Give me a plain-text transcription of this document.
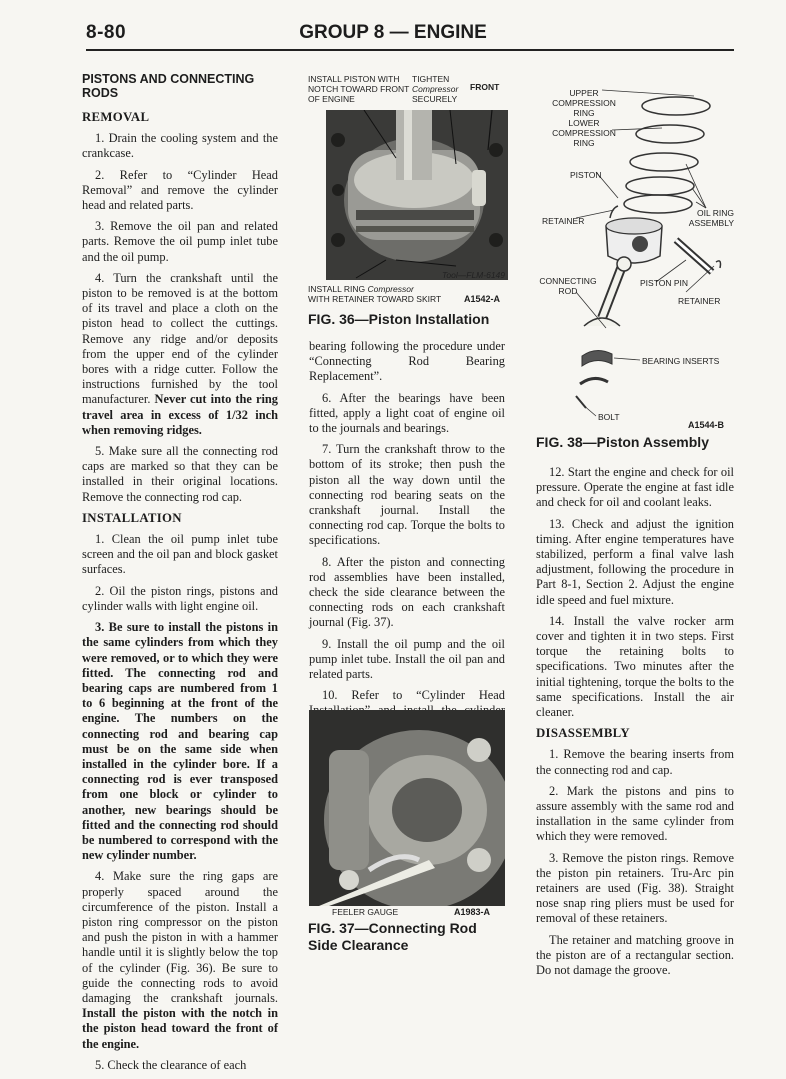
8-80	GROUP 8 — ENGINE
PISTONS AND CONNECTING RODS
REMOVAL

1. Drain the cooling system and the crankcase.

2. Refer to “Cylinder Head Removal” and remove the cylinder head and related parts.

3. Remove the oil pan and related parts. Remove the oil pump inlet tube and the oil pump.

4. Turn the crankshaft until the piston to be removed is at the bottom of its travel and place a cloth on the piston head to collect the cuttings. Remove any ridge and/or deposits from the upper end of the cylinder bores with a ridge cutter. Follow the instructions furnished by the tool manufacturer. Never cut into the ring travel area in excess of 1/32 inch when removing ridges.

5. Make sure all the connecting rod caps are marked so that they can be installed in their original locations. Remove the connecting rod cap.

INSTALLATION

1. Clean the oil pump inlet tube screen and the oil pan and block gasket surfaces.

2. Oil the piston rings, pistons and cylinder walls with light engine oil.

3. Be sure to install the pistons in the same cylinders from which they were removed, or to which they were fitted. The connecting rod and bearing caps are numbered from 1 to 6 beginning at the front of the engine. The numbers on the connecting rod and bearing cap must be on the same side when installed in the cylinder bore. If a connecting rod is ever transposed from one block or cylinder to another, new bearings should be fitted and the connecting rod should be numbered to correspond with the new cylinder number.

4. Make sure the ring gaps are properly spaced around the circumference of the piston. Install a piston ring compressor on the piston and push the piston in with a hammer handle until it is slightly below the top of the cylinder (Fig. 36). Be sure to guide the connecting rods to avoid damaging the crankshaft journals. Install the piston with the notch in the piston head toward the front of the engine.

5. Check the clearance of each

INSTALL PISTON WITH NOTCH TOWARD FRONT OF ENGINE
TIGHTEN
Compressor
SECURELY
FRONT
Tool—FLM-6149
INSTALL RING Compressor
WITH RETAINER TOWARD SKIRT	A1542-A
FIG. 36—Piston Installation

bearing following the procedure under “Connecting Rod Bearing Replacement”.

6. After the bearings have been fitted, apply a light coat of engine oil to the journals and bearings.

7. Turn the crankshaft throw to the bottom of its stroke; then push the piston all the way down until the connecting rod bearing seats on the crankshaft journal. Install the connecting rod cap. Torque the bolts to specifications.

8. After the piston and connecting rod assemblies have been installed, check the side clearance between the connecting rods on each crankshaft journal (Fig. 37).

9. Install the oil pump and the oil pump inlet tube. Install the oil pan and related parts.

10. Refer to “Cylinder Head

FEELER GAUGE	A1983-A
FIG. 37—Connecting Rod Side Clearance
UPPER COMPRESSION RING
LOWER COMPRESSION RING
PISTON
RETAINER
OIL RING ASSEMBLY
CONNECTING ROD
PISTON PIN
RETAINER
BEARING INSERTS
BOLT
A1544-B
FIG. 38—Piston Assembly

12. Start the engine and check for oil pressure. Operate the engine at fast idle and check for oil and coolant leaks.

13. Check and adjust the ignition timing. After engine temperatures have stabilized, perform a final valve lash adjustment, following the procedure in Part 8-1, Section 2. Adjust the engine idle speed and fuel mixture.

14. Install the valve rocker arm cover and tighten it in two steps. First torque the retaining bolts to specifications. Two minutes after the initial tightening, torque the bolts to the same specifications. Install the air cleaner.

DISASSEMBLY

1. Remove the bearing inserts from the connecting rod and cap.

2. Mark the pistons and pins to assure assembly with the same rod and installation in the same cylinder from which they were removed.

3. Remove the piston rings. Remove the piston pin retainers. Tru-Arc pin retainers are used (Fig. 38). Straight nose snap ring pliers must be used for removal of these retainers.

The retainer and matching groove in the piston are of a rectangular section. Do not damage the groove.
